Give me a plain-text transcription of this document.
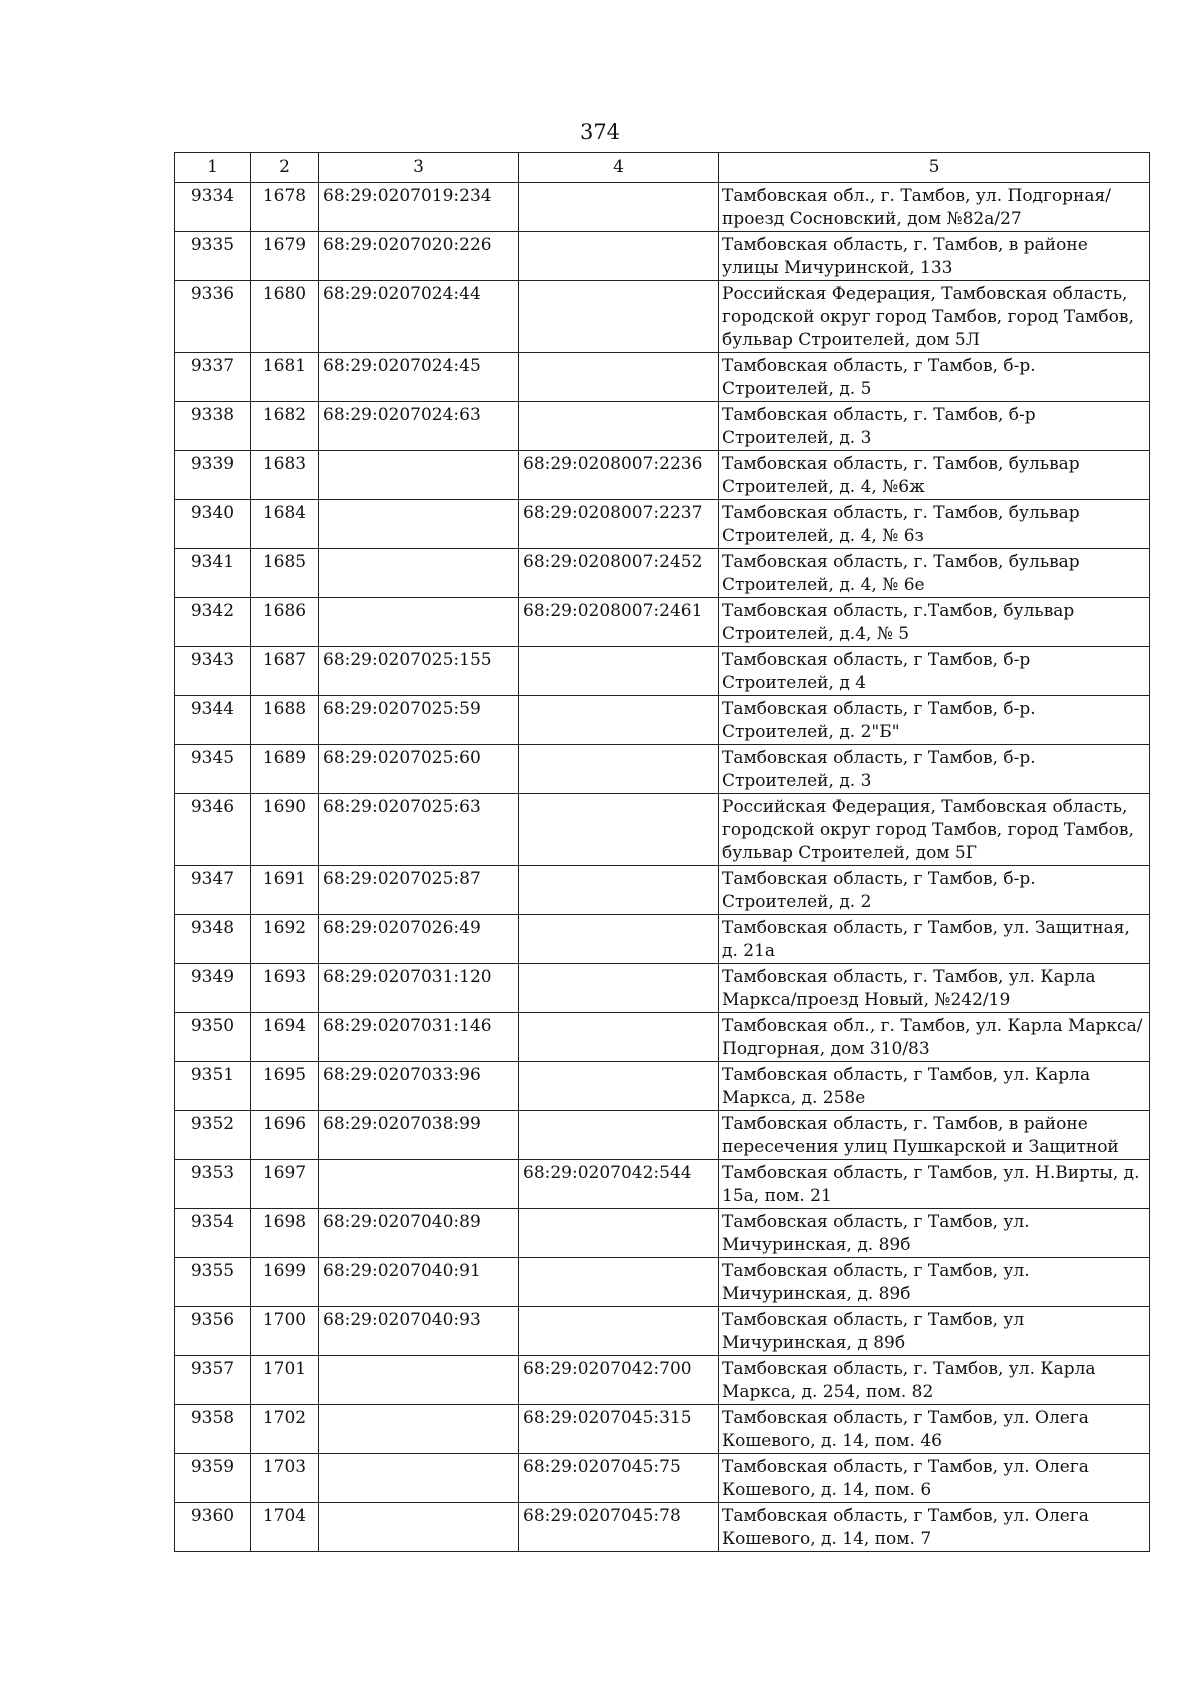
374
1	2	3	4	5
9334	1678	68:29:0207019:234		Тамбовская обл., г. Тамбов, ул. Подгорная/проезд Сосновский, дом №82а/27
9335	1679	68:29:0207020:226		Тамбовская область, г. Тамбов, в районе улицы Мичуринской, 133
9336	1680	68:29:0207024:44		Российская Федерация, Тамбовская область, городской округ город Тамбов, город Тамбов, бульвар Строителей, дом 5Л
9337	1681	68:29:0207024:45		Тамбовская область, г Тамбов, б-р. Строителей, д. 5
9338	1682	68:29:0207024:63		Тамбовская область, г. Тамбов, б-р Строителей, д. 3
9339	1683		68:29:0208007:2236	Тамбовская область, г. Тамбов, бульвар Строителей, д. 4, №6ж
9340	1684		68:29:0208007:2237	Тамбовская область, г. Тамбов, бульвар Строителей, д. 4, № 6з
9341	1685		68:29:0208007:2452	Тамбовская область, г. Тамбов, бульвар Строителей, д. 4, № 6е
9342	1686		68:29:0208007:2461	Тамбовская область, г.Тамбов, бульвар Строителей, д.4, № 5
9343	1687	68:29:0207025:155		Тамбовская область, г Тамбов, б-р Строителей, д 4
9344	1688	68:29:0207025:59		Тамбовская область, г Тамбов, б-р. Строителей, д. 2"Б"
9345	1689	68:29:0207025:60		Тамбовская область, г Тамбов, б-р. Строителей, д. 3
9346	1690	68:29:0207025:63		Российская Федерация, Тамбовская область, городской округ город Тамбов, город Тамбов, бульвар Строителей, дом 5Г
9347	1691	68:29:0207025:87		Тамбовская область, г Тамбов, б-р. Строителей, д. 2
9348	1692	68:29:0207026:49		Тамбовская область, г Тамбов, ул. Защитная, д. 21а
9349	1693	68:29:0207031:120		Тамбовская область, г. Тамбов, ул. Карла Маркса/проезд Новый, №242/19
9350	1694	68:29:0207031:146		Тамбовская обл., г. Тамбов, ул. Карла Маркса/ Подгорная, дом 310/83
9351	1695	68:29:0207033:96		Тамбовская область, г Тамбов, ул. Карла Маркса, д. 258е
9352	1696	68:29:0207038:99		Тамбовская область, г. Тамбов, в районе пересечения улиц Пушкарской и Защитной
9353	1697		68:29:0207042:544	Тамбовская область, г Тамбов, ул. Н.Вирты, д. 15а, пом. 21
9354	1698	68:29:0207040:89		Тамбовская область, г Тамбов, ул. Мичуринская, д. 89б
9355	1699	68:29:0207040:91		Тамбовская область, г Тамбов, ул. Мичуринская, д. 89б
9356	1700	68:29:0207040:93		Тамбовская область, г Тамбов, ул Мичуринская, д 89б
9357	1701		68:29:0207042:700	Тамбовская область, г. Тамбов, ул. Карла Маркса, д. 254, пом. 82
9358	1702		68:29:0207045:315	Тамбовская область, г Тамбов, ул. Олега Кошевого, д. 14, пом. 46
9359	1703		68:29:0207045:75	Тамбовская область, г Тамбов, ул. Олега Кошевого, д. 14, пом. 6
9360	1704		68:29:0207045:78	Тамбовская область, г Тамбов, ул. Олега Кошевого, д. 14, пом. 7
